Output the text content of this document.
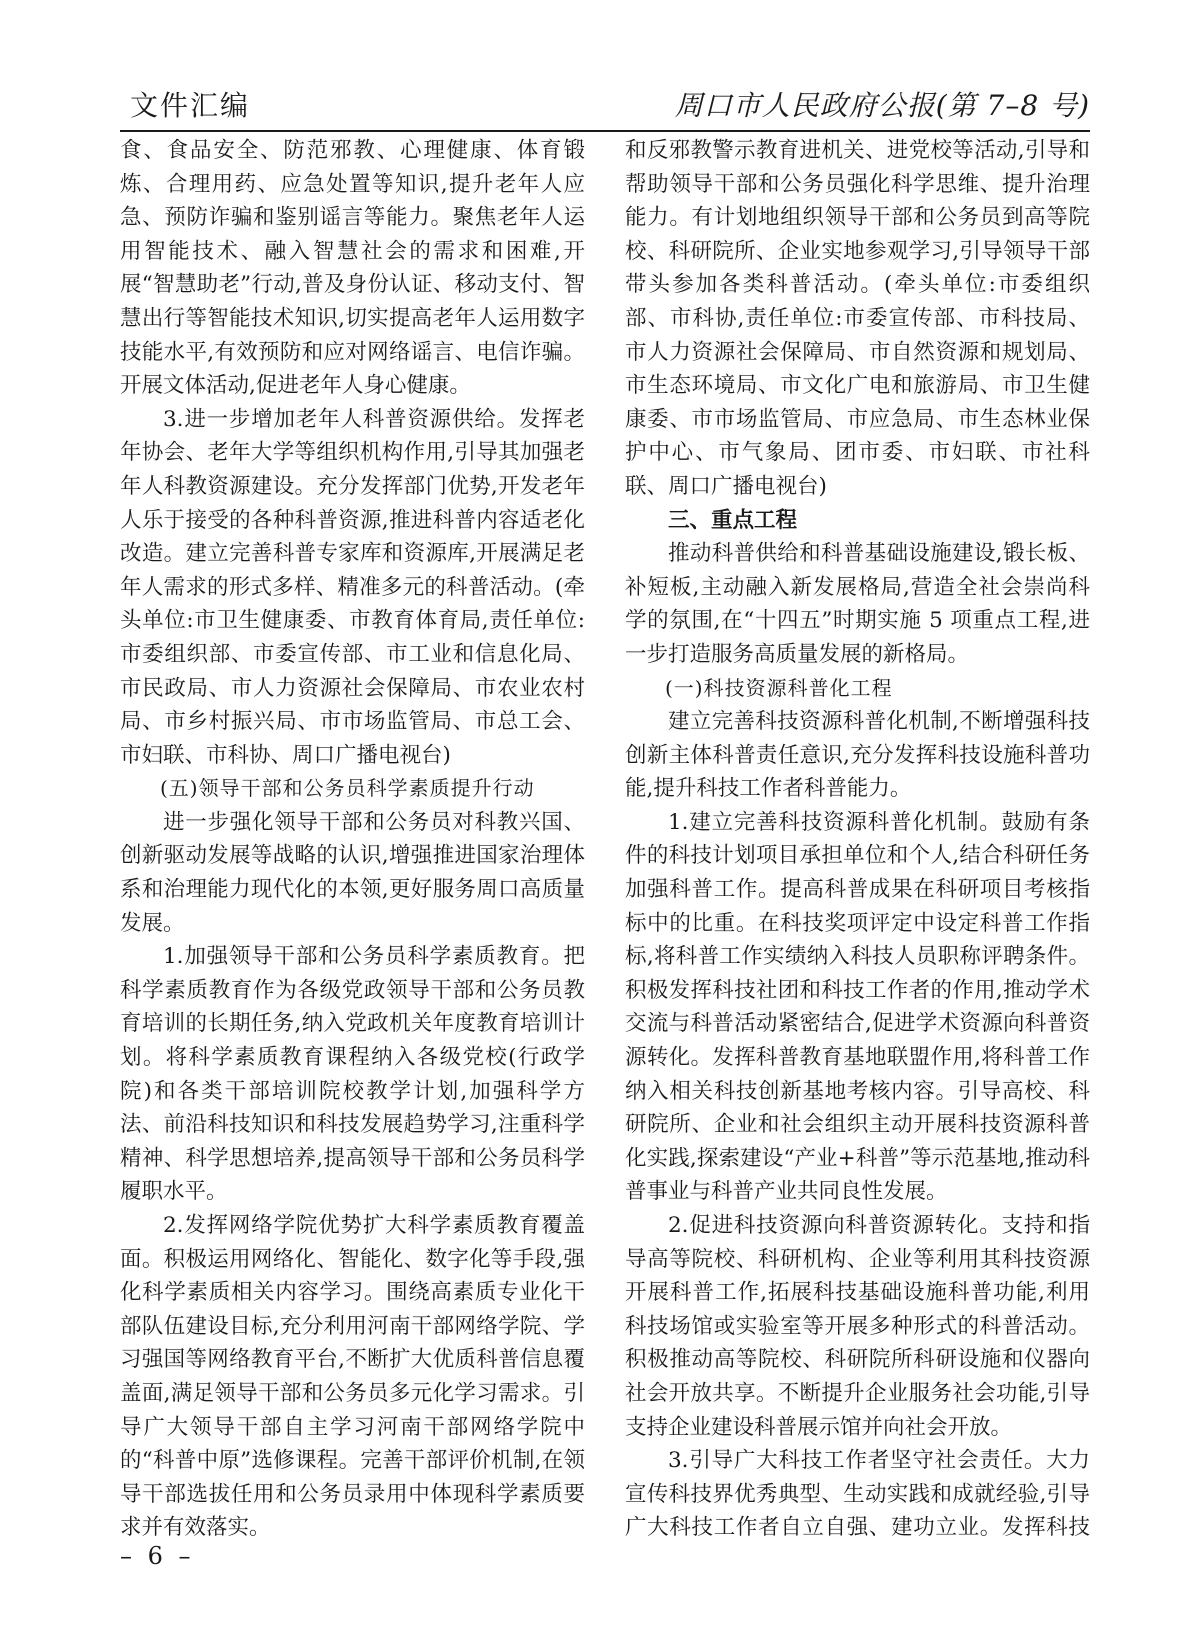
文件汇编	周口市人民政府公报(第 7–8 号)

食、食品安全、防范邪教、心理健康、体育锻炼、合理用药、应急处置等知识,提升老年人应急、预防诈骗和鉴别谣言等能力。聚焦老年人运用智能技术、融入智慧社会的需求和困难,开展“智慧助老”行动,普及身份认证、移动支付、智慧出行等智能技术知识,切实提高老年人运用数字技能水平,有效预防和应对网络谣言、电信诈骗。开展文体活动,促进老年人身心健康。

3.进一步增加老年人科普资源供给。发挥老年协会、老年大学等组织机构作用,引导其加强老年人科教资源建设。充分发挥部门优势,开发老年人乐于接受的各种科普资源,推进科普内容适老化改造。建立完善科普专家库和资源库,开展满足老年人需求的形式多样、精准多元的科普活动。(牵头单位:市卫生健康委、市教育体育局,责任单位:市委组织部、市委宣传部、市工业和信息化局、市民政局、市人力资源社会保障局、市农业农村局、市乡村振兴局、市市场监管局、市总工会、市妇联、市科协、周口广播电视台)

(五)领导干部和公务员科学素质提升行动

进一步强化领导干部和公务员对科教兴国、创新驱动发展等战略的认识,增强推进国家治理体系和治理能力现代化的本领,更好服务周口高质量发展。

1.加强领导干部和公务员科学素质教育。把科学素质教育作为各级党政领导干部和公务员教育培训的长期任务,纳入党政机关年度教育培训计划。将科学素质教育课程纳入各级党校(行政学院)和各类干部培训院校教学计划,加强科学方法、前沿科技知识和科技发展趋势学习,注重科学精神、科学思想培养,提高领导干部和公务员科学履职水平。

2.发挥网络学院优势扩大科学素质教育覆盖面。积极运用网络化、智能化、数字化等手段,强化科学素质相关内容学习。围绕高素质专业化干部队伍建设目标,充分利用河南干部网络学院、学习强国等网络教育平台,不断扩大优质科普信息覆盖面,满足领导干部和公务员多元化学习需求。引导广大领导干部自主学习河南干部网络学院中的“科普中原”选修课程。完善干部评价机制,在领导干部选拔任用和公务员录用中体现科学素质要求并有效落实。

和反邪教警示教育进机关、进党校等活动,引导和帮助领导干部和公务员强化科学思维、提升治理能力。有计划地组织领导干部和公务员到高等院校、科研院所、企业实地参观学习,引导领导干部带头参加各类科普活动。(牵头单位:市委组织部、市科协,责任单位:市委宣传部、市科技局、市人力资源社会保障局、市自然资源和规划局、市生态环境局、市文化广电和旅游局、市卫生健康委、市市场监管局、市应急局、市生态林业保护中心、市气象局、团市委、市妇联、市社科联、周口广播电视台)

三、重点工程

推动科普供给和科普基础设施建设,锻长板、补短板,主动融入新发展格局,营造全社会崇尚科学的氛围,在“十四五”时期实施 5 项重点工程,进一步打造服务高质量发展的新格局。

(一)科技资源科普化工程

建立完善科技资源科普化机制,不断增强科技创新主体科普责任意识,充分发挥科技设施科普功能,提升科技工作者科普能力。

1.建立完善科技资源科普化机制。鼓励有条件的科技计划项目承担单位和个人,结合科研任务加强科普工作。提高科普成果在科研项目考核指标中的比重。在科技奖项评定中设定科普工作指标,将科普工作实绩纳入科技人员职称评聘条件。积极发挥科技社团和科技工作者的作用,推动学术交流与科普活动紧密结合,促进学术资源向科普资源转化。发挥科普教育基地联盟作用,将科普工作纳入相关科技创新基地考核内容。引导高校、科研院所、企业和社会组织主动开展科技资源科普化实践,探索建设“产业+科普”等示范基地,推动科普事业与科普产业共同良性发展。

2.促进科技资源向科普资源转化。支持和指导高等院校、科研机构、企业等利用其科技资源开展科普工作,拓展科技基础设施科普功能,利用科技场馆或实验室等开展多种形式的科普活动。积极推动高等院校、科研院所科研设施和仪器向社会开放共享。不断提升企业服务社会功能,引导支持企业建设科普展示馆并向社会开放。

3.引导广大科技工作者坚守社会责任。大力宣传科技界优秀典型、生动实践和成就经验,引导广大科技工作者自立自强、建功立业。发挥科技

– 6 –
